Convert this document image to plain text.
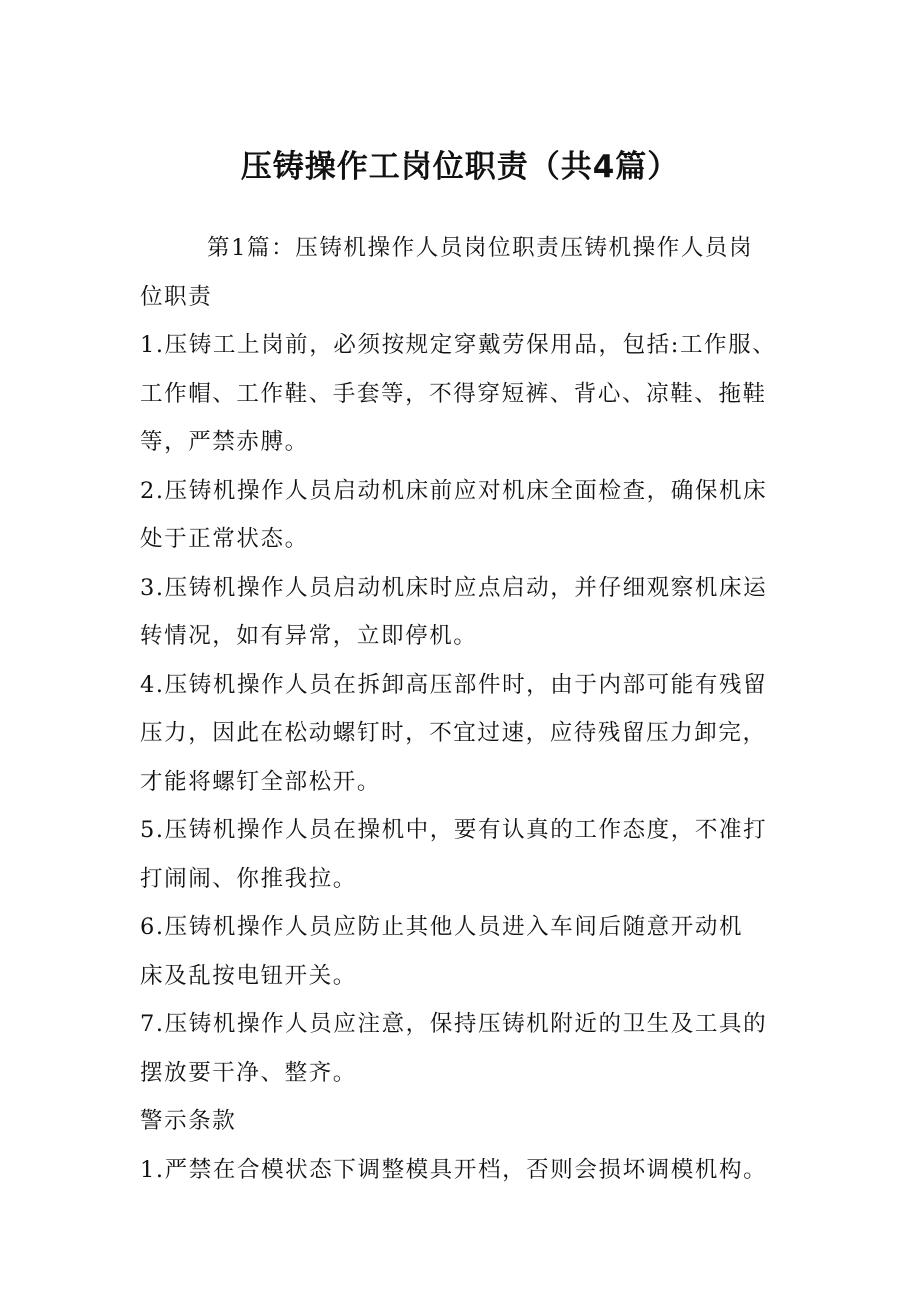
压铸操作工岗位职责（共4篇）

第1篇：压铸机操作人员岗位职责压铸机操作人员岗

位职责

1.压铸工上岗前，必须按规定穿戴劳保用品，包括:工作服、
工作帽、工作鞋、手套等，不得穿短裤、背心、凉鞋、拖鞋
等，严禁赤膊。

2.压铸机操作人员启动机床前应对机床全面检查，确保机床
处于正常状态。

3.压铸机操作人员启动机床时应点启动，并仔细观察机床运
转情况，如有异常，立即停机。

4.压铸机操作人员在拆卸高压部件时，由于内部可能有残留
压力，因此在松动螺钉时，不宜过速，应待残留压力卸完，
才能将螺钉全部松开。

5.压铸机操作人员在操机中，要有认真的工作态度，不准打
打闹闹、你推我拉。

6.压铸机操作人员应防止其他人员进入车间后随意开动机
床及乱按电钮开关。

7.压铸机操作人员应注意，保持压铸机附近的卫生及工具的
摆放要干净、整齐。

警示条款

1.严禁在合模状态下调整模具开档，否则会损坏调模机构。
